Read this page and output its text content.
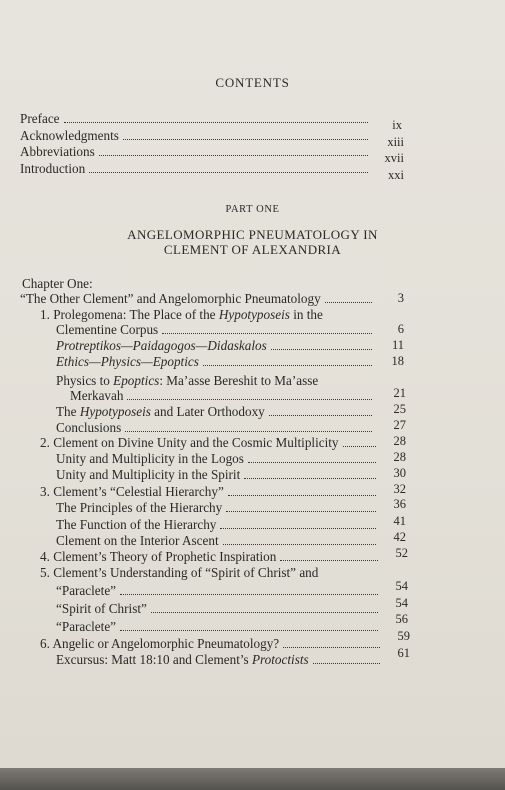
CONTENTS
Preface	ix
Acknowledgments	xiii
Abbreviations	xvii
Introduction	xxi
PART ONE
ANGELOMORPHIC PNEUMATOLOGY IN
CLEMENT OF ALEXANDRIA
Chapter One:
“The Other Clement” and Angelomorphic Pneumatology	3
1. Prolegomena: The Place of the Hypotyposeis in the
Clementine Corpus	6
Protreptikos—Paidagogos—Didaskalos	11
Ethics—Physics—Epoptics	18
Physics to Epoptics: Ma’asse Bereshit to Ma’asse
Merkavah	21
The Hypotyposeis and Later Orthodoxy	25
Conclusions	27
2. Clement on Divine Unity and the Cosmic Multiplicity	28
Unity and Multiplicity in the Logos	28
Unity and Multiplicity in the Spirit	30
3. Clement’s “Celestial Hierarchy”	32
The Principles of the Hierarchy	36
The Function of the Hierarchy	41
Clement on the Interior Ascent	42
4. Clement’s Theory of Prophetic Inspiration	52
5. Clement’s Understanding of “Spirit of Christ” and
“Paraclete”	54
“Spirit of Christ”	54
“Paraclete”	56
6. Angelic or Angelomorphic Pneumatology?	59
Excursus: Matt 18:10 and Clement’s Protoctists	61
